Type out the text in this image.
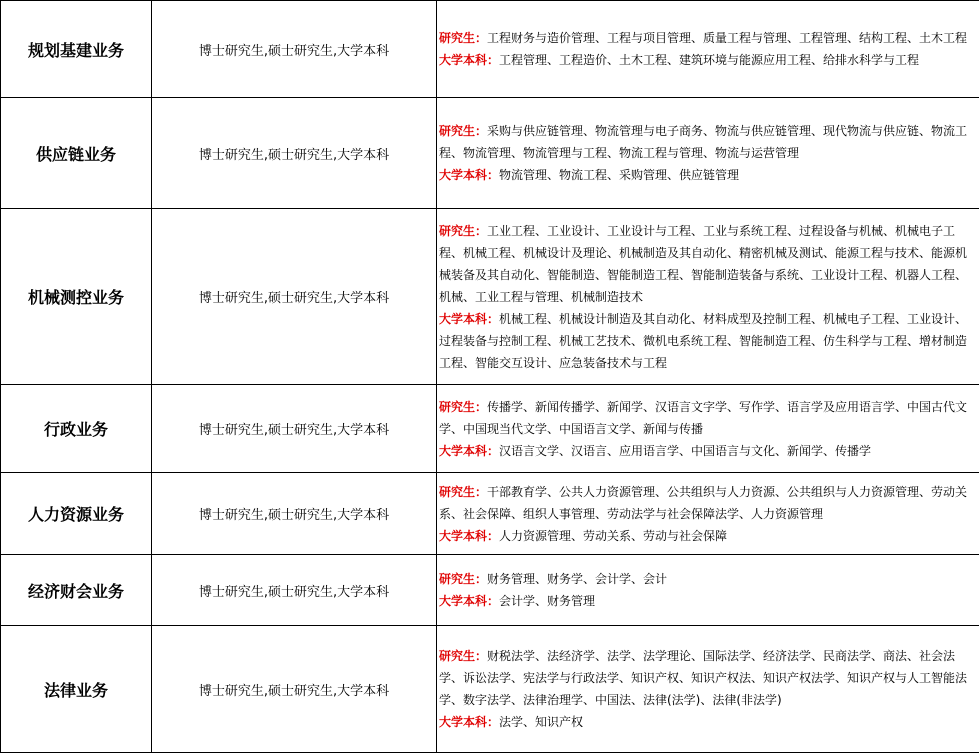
规划基建业务	博士研究生,硕士研究生,大学本科	研究生：工程财务与造价管理、工程与项目管理、质量工程与管理、工程管理、结构工程、土木工程
大学本科：工程管理、工程造价、土木工程、建筑环境与能源应用工程、给排水科学与工程

供应链业务	博士研究生,硕士研究生,大学本科	研究生：采购与供应链管理、物流管理与电子商务、物流与供应链管理、现代物流与供应链、物流工程、物流管理、物流管理与工程、物流工程与管理、物流与运营管理
大学本科：物流管理、物流工程、采购管理、供应链管理

机械测控业务	博士研究生,硕士研究生,大学本科	研究生：工业工程、工业设计、工业设计与工程、工业与系统工程、过程设备与机械、机械电子工程、机械工程、机械设计及理论、机械制造及其自动化、精密机械及测试、能源工程与技术、能源机械装备及其自动化、智能制造、智能制造工程、智能制造装备与系统、工业设计工程、机器人工程、机械、工业工程与管理、机械制造技术
大学本科：机械工程、机械设计制造及其自动化、材料成型及控制工程、机械电子工程、工业设计、过程装备与控制工程、机械工艺技术、微机电系统工程、智能制造工程、仿生科学与工程、增材制造工程、智能交互设计、应急装备技术与工程

行政业务	博士研究生,硕士研究生,大学本科	研究生：传播学、新闻传播学、新闻学、汉语言文字学、写作学、语言学及应用语言学、中国古代文学、中国现当代文学、中国语言文学、新闻与传播
大学本科：汉语言文学、汉语言、应用语言学、中国语言与文化、新闻学、传播学

人力资源业务	博士研究生,硕士研究生,大学本科	研究生：干部教育学、公共人力资源管理、公共组织与人力资源、公共组织与人力资源管理、劳动关系、社会保障、组织人事管理、劳动法学与社会保障法学、人力资源管理
大学本科：人力资源管理、劳动关系、劳动与社会保障

经济财会业务	博士研究生,硕士研究生,大学本科	研究生：财务管理、财务学、会计学、会计
大学本科：会计学、财务管理

法律业务	博士研究生,硕士研究生,大学本科	研究生：财税法学、法经济学、法学、法学理论、国际法学、经济法学、民商法学、商法、社会法学、诉讼法学、宪法学与行政法学、知识产权、知识产权法、知识产权法学、知识产权与人工智能法学、数字法学、法律治理学、中国法、法律(法学)、法律(非法学)
大学本科：法学、知识产权
